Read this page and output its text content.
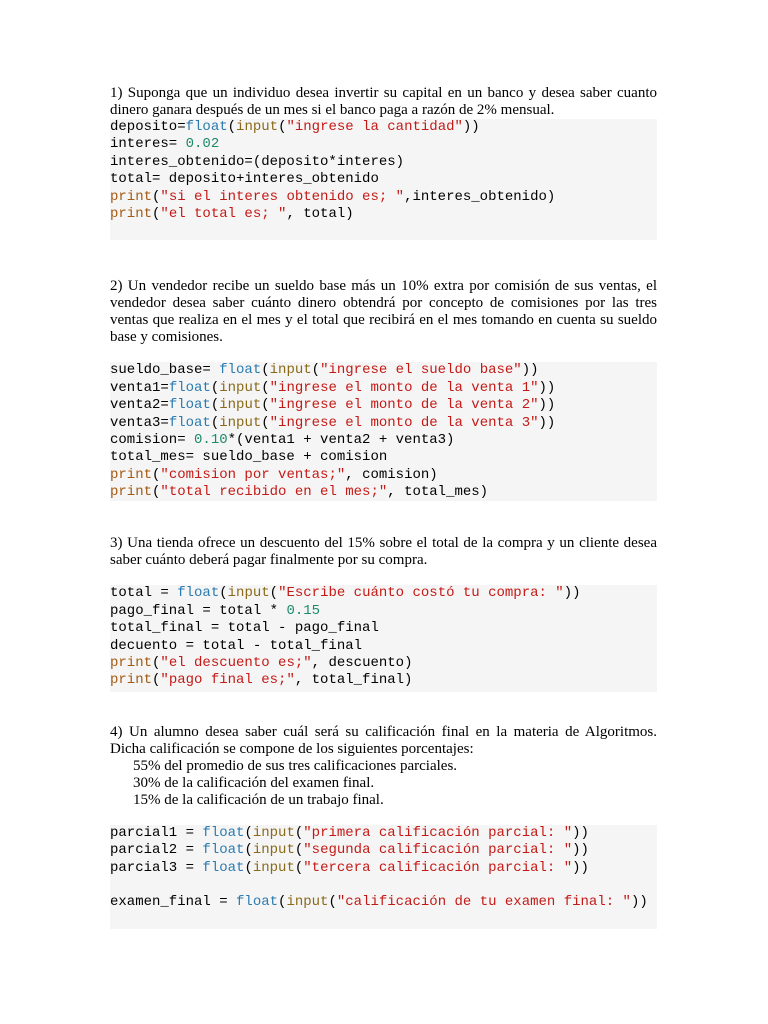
1) Suponga que un individuo desea invertir su capital en un banco y desea saber cuanto dinero ganara después de un mes si el banco paga a razón de 2% mensual.

deposito=float(input("ingrese la cantidad"))
interes= 0.02
interes_obtenido=(deposito*interes)
total= deposito+interes_obtenido
print("si el interes obtenido es; ",interes_obtenido)
print("el total es; ", total)

2) Un vendedor recibe un sueldo base más un 10% extra por comisión de sus ventas, el vendedor desea saber cuánto dinero obtendrá por concepto de comisiones por las tres ventas que realiza en el mes y el total que recibirá en el mes tomando en cuenta su sueldo base y comisiones.

sueldo_base= float(input("ingrese el sueldo base"))
venta1=float(input("ingrese el monto de la venta 1"))
venta2=float(input("ingrese el monto de la venta 2"))
venta3=float(input("ingrese el monto de la venta 3"))
comision= 0.10*(venta1 + venta2 + venta3)
total_mes= sueldo_base + comision
print("comision por ventas;", comision)
print("total recibido en el mes;", total_mes)

3) Una tienda ofrece un descuento del 15% sobre el total de la compra y un cliente desea saber cuánto deberá pagar finalmente por su compra.

total = float(input("Escribe cuánto costó tu compra: "))
pago_final = total * 0.15
total_final = total - pago_final
decuento = total - total_final
print("el descuento es;", descuento)
print("pago final es;", total_final)

4) Un alumno desea saber cuál será su calificación final en la materia de Algoritmos. Dicha calificación se compone de los siguientes porcentajes:

55% del promedio de sus tres calificaciones parciales.

30% de la calificación del examen final.

15% de la calificación de un trabajo final.

parcial1 = float(input("primera calificación parcial: "))
parcial2 = float(input("segunda calificación parcial: "))
parcial3 = float(input("tercera calificación parcial: "))
examen_final = float(input("calificación de tu examen final: "))
